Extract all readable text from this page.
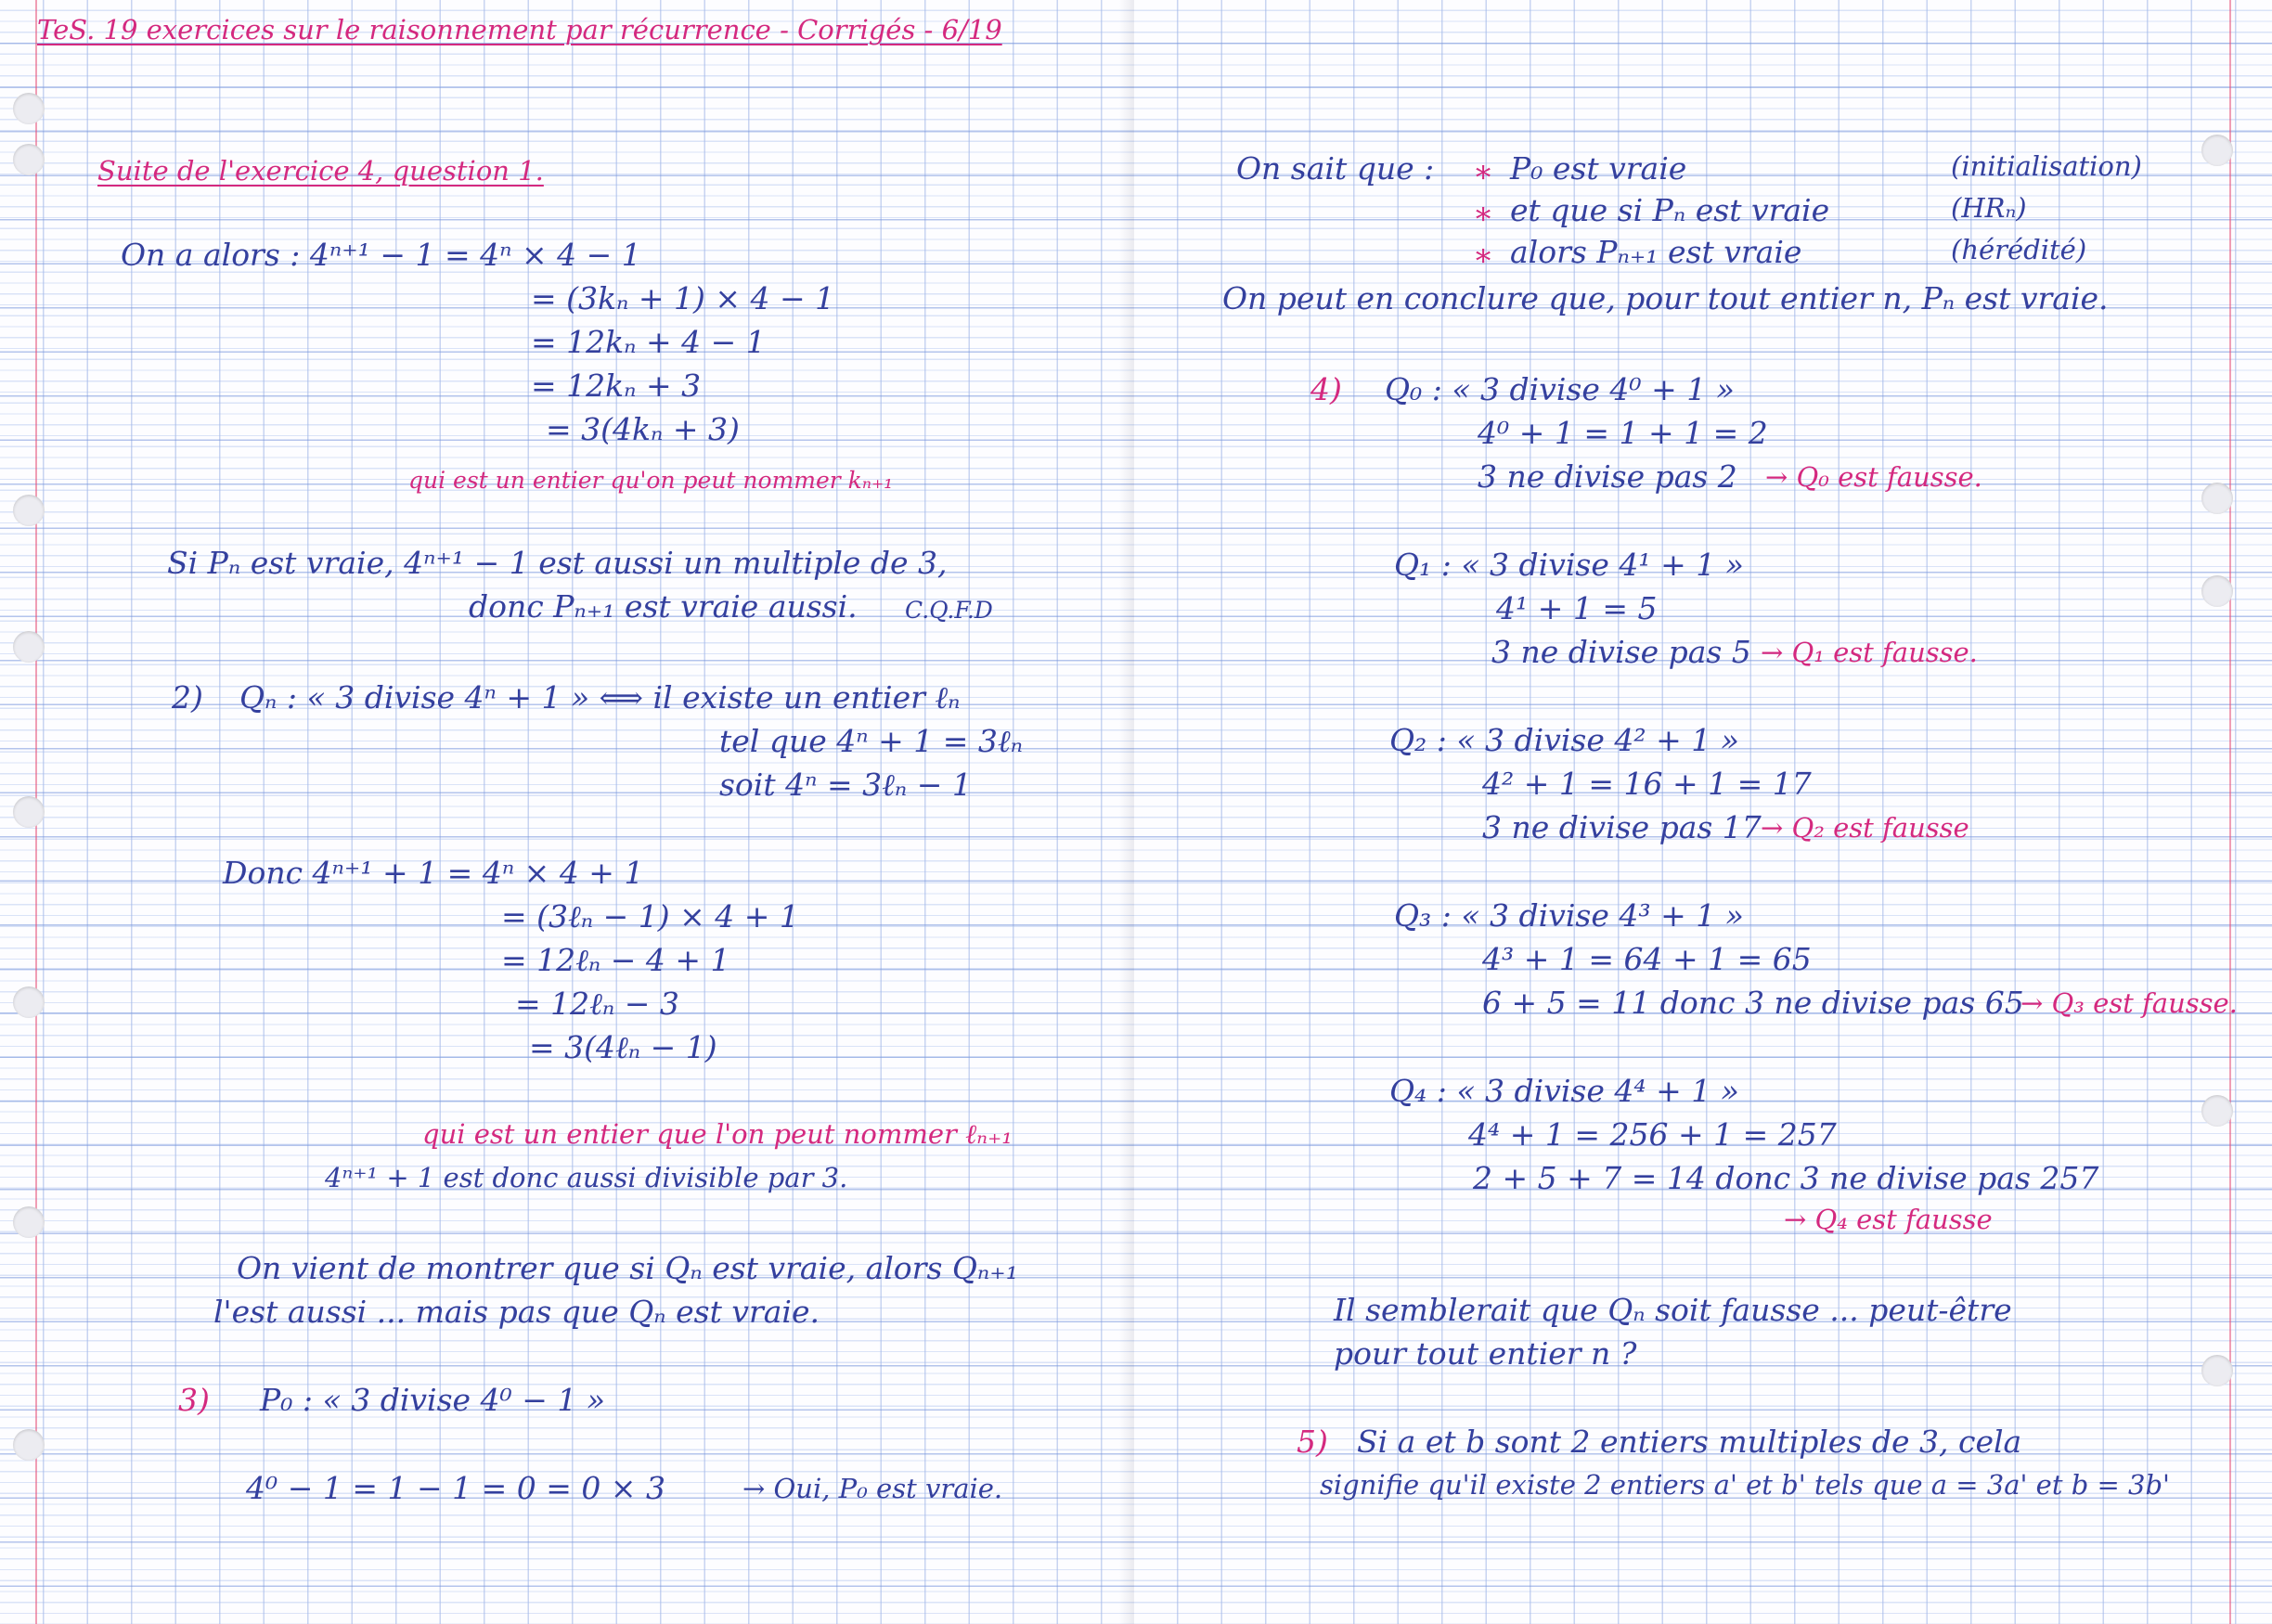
TeS. 19 exercices sur le raisonnement par récurrence - Corrigés - 6/19
Suite de l'exercice 4, question 1.
On a alors : 4ⁿ⁺¹ − 1 = 4ⁿ × 4 − 1
= (3kₙ + 1) × 4 − 1
= 12kₙ + 4 − 1
= 12kₙ + 3
= 3(4kₙ + 3)
qui est un entier qu'on peut nommer kₙ₊₁
Si Pₙ est vraie, 4ⁿ⁺¹ − 1 est aussi un multiple de 3,
donc Pₙ₊₁ est vraie aussi. C.Q.F.D
2) Qₙ : « 3 divise 4ⁿ + 1 » ⟺ il existe un entier ℓₙ
tel que 4ⁿ + 1 = 3ℓₙ
soit 4ⁿ = 3ℓₙ − 1
Donc 4ⁿ⁺¹ + 1 = 4ⁿ × 4 + 1
= (3ℓₙ − 1) × 4 + 1
= 12ℓₙ − 4 + 1
= 12ℓₙ − 3
= 3(4ℓₙ − 1)
qui est un entier que l'on peut nommer ℓₙ₊₁
4ⁿ⁺¹ + 1 est donc aussi divisible par 3.
On vient de montrer que si Qₙ est vraie, alors Qₙ₊₁
l'est aussi ... mais pas que Qₙ est vraie.
3) P₀ : « 3 divise 4⁰ − 1 »
4⁰ − 1 = 1 − 1 = 0 = 0 × 3	→ Oui, P₀ est vraie.
On sait que : ∗ P₀ est vraie
∗ et que si Pₙ est vraie
∗ alors Pₙ₊₁ est vraie
(initialisation)
(HRₙ)
(hérédité)
On peut en conclure que, pour tout entier n, Pₙ est vraie.
4) Q₀ : « 3 divise 4⁰ + 1 »
4⁰ + 1 = 1 + 1 = 2
3 ne divise pas 2 → Q₀ est fausse.
Q₁ : « 3 divise 4¹ + 1 »
4¹ + 1 = 5
3 ne divise pas 5 → Q₁ est fausse.
Q₂ : « 3 divise 4² + 1 »
4² + 1 = 16 + 1 = 17
3 ne divise pas 17 → Q₂ est fausse
Q₃ : « 3 divise 4³ + 1 »
4³ + 1 = 64 + 1 = 65
6 + 5 = 11 donc 3 ne divise pas 65
→ Q₃ est fausse.
Q₄ : « 3 divise 4⁴ + 1 »
4⁴ + 1 = 256 + 1 = 257
2 + 5 + 7 = 14 donc 3 ne divise pas 257
→ Q₄ est fausse
Il semblerait que Qₙ soit fausse ... peut-être
pour tout entier n ?
5) Si a et b sont 2 entiers multiples de 3, cela
signifie qu'il existe 2 entiers a' et b' tels que a = 3a' et b = 3b'
